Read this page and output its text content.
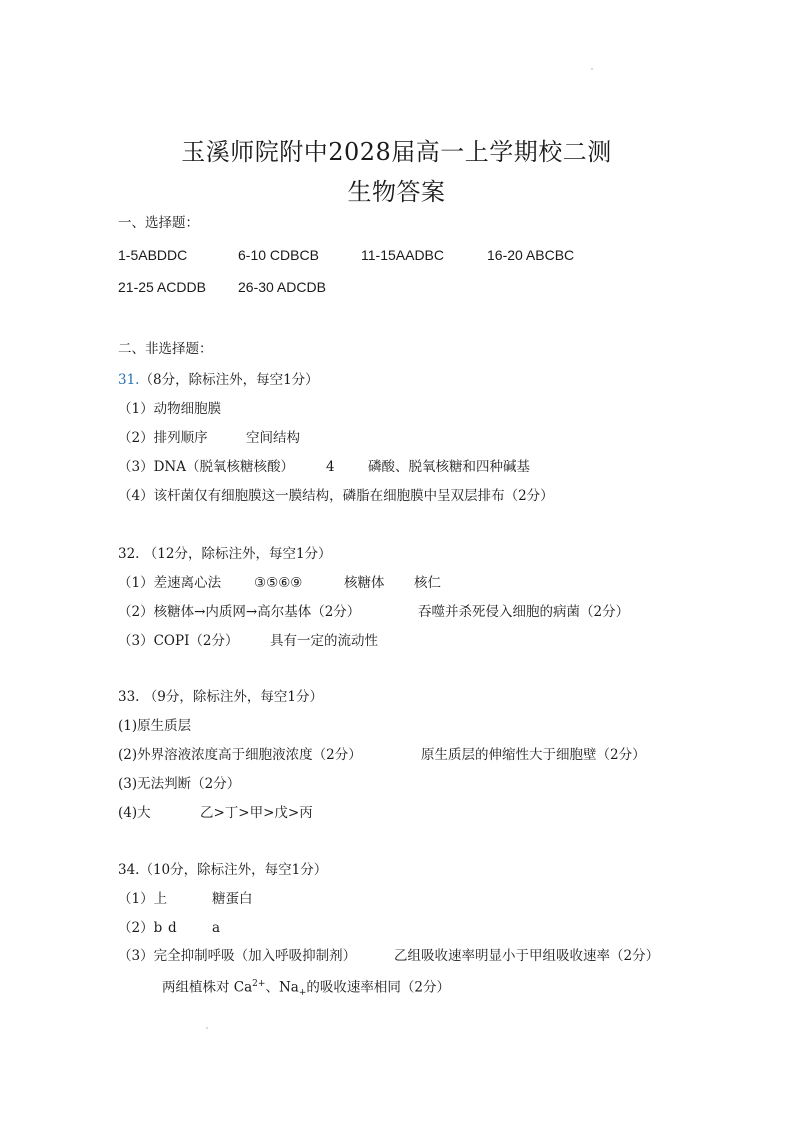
玉溪师院附中2028届高一上学期校二测
生物答案
一、选择题：
1-5ABDDC	6-10 CDBCB	11-15AADBC	16-20 ABCBC
21-25 ACDDB 26-30 ADCDB
二、非选择题：
31.（8分，除标注外，每空1分）
（1）动物细胞膜
（2）排列顺序	空间结构
（3）DNA（脱氧核糖核酸） 4 磷酸、脱氧核糖和四种碱基
（4）该杆菌仅有细胞膜这一膜结构，磷脂在细胞膜中呈双层排布（2分）
32. （12分，除标注外，每空1分）
（1）差速离心法 ③⑤⑥⑨	核糖体 核仁
（2）核糖体→内质网→高尔基体（2分）	吞噬并杀死侵入细胞的病菌（2分）
（3）COPⅠ（2分） 具有一定的流动性
33. （9分，除标注外，每空1分）
(1)原生质层
(2)外界溶液浓度高于细胞液浓度（2分）	原生质层的伸缩性大于细胞壁（2分）
(3)无法判断（2分）
(4)大	乙>丁>甲>戊>丙
34.（10分，除标注外，每空1分）
（1）上	糖蛋白
（2）b d	a
（3）完全抑制呼吸（加入呼吸抑制剂）	乙组吸收速率明显小于甲组吸收速率（2分）
两组植株对 $Ca^{2+}$、$Na_+$的吸收速率相同（2分）
